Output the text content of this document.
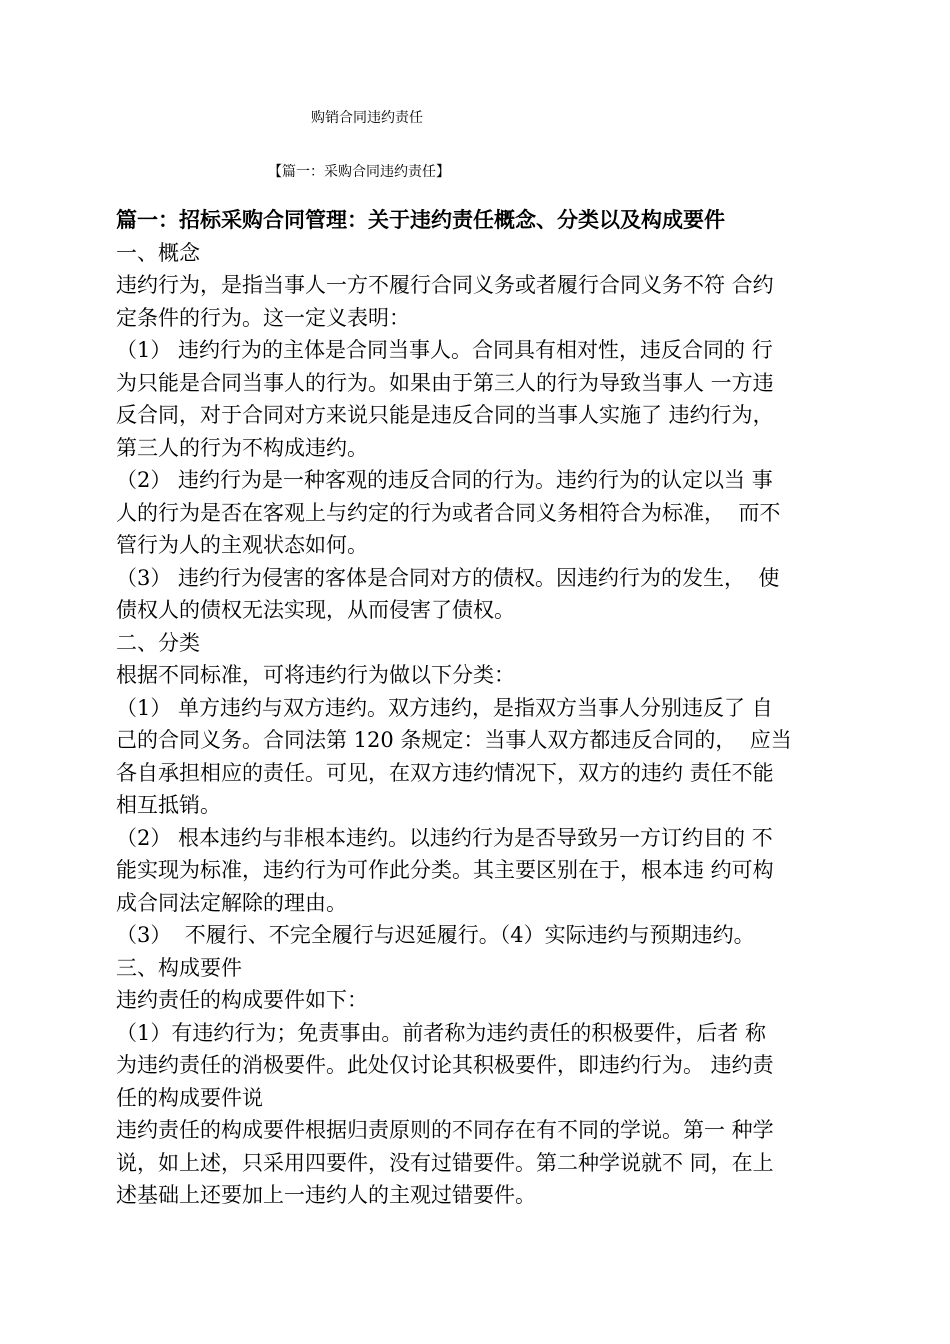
购销合同违约责任
【篇一：采购合同违约责任】
篇一：招标采购合同管理：关于违约责任概念、分类以及构成要件
一、概念
违约行为，是指当事人一方不履行合同义务或者履行合同义务不符 合约
定条件的行为。这一定义表明：
（1） 违约行为的主体是合同当事人。合同具有相对性，违反合同的 行
为只能是合同当事人的行为。如果由于第三人的行为导致当事人 一方违
反合同，对于合同对方来说只能是违反合同的当事人实施了 违约行为，
第三人的行为不构成违约。
（2） 违约行为是一种客观的违反合同的行为。违约行为的认定以当 事
人的行为是否在客观上与约定的行为或者合同义务相符合为标准，  而不
管行为人的主观状态如何。
（3） 违约行为侵害的客体是合同对方的债权。因违约行为的发生，  使
债权人的债权无法实现，从而侵害了债权。
二、分类
根据不同标准，可将违约行为做以下分类：
（1） 单方违约与双方违约。双方违约，是指双方当事人分别违反了 自
己的合同义务。合同法第 120 条规定：当事人双方都违反合同的，  应当
各自承担相应的责任。可见，在双方违约情况下，双方的违约 责任不能
相互抵销。
（2） 根本违约与非根本违约。以违约行为是否导致另一方订约目的 不
能实现为标准，违约行为可作此分类。其主要区别在于，根本违 约可构
成合同法定解除的理由。
（3）  不履行、不完全履行与迟延履行。（4）实际违约与预期违约。
三、构成要件
违约责任的构成要件如下：
（1）有违约行为；免责事由。前者称为违约责任的积极要件，后者 称
为违约责任的消极要件。此处仅讨论其积极要件，即违约行为。 违约责
任的构成要件说
违约责任的构成要件根据归责原则的不同存在有不同的学说。第一 种学
说，如上述，只采用四要件，没有过错要件。第二种学说就不 同，在上
述基础上还要加上一违约人的主观过错要件。
